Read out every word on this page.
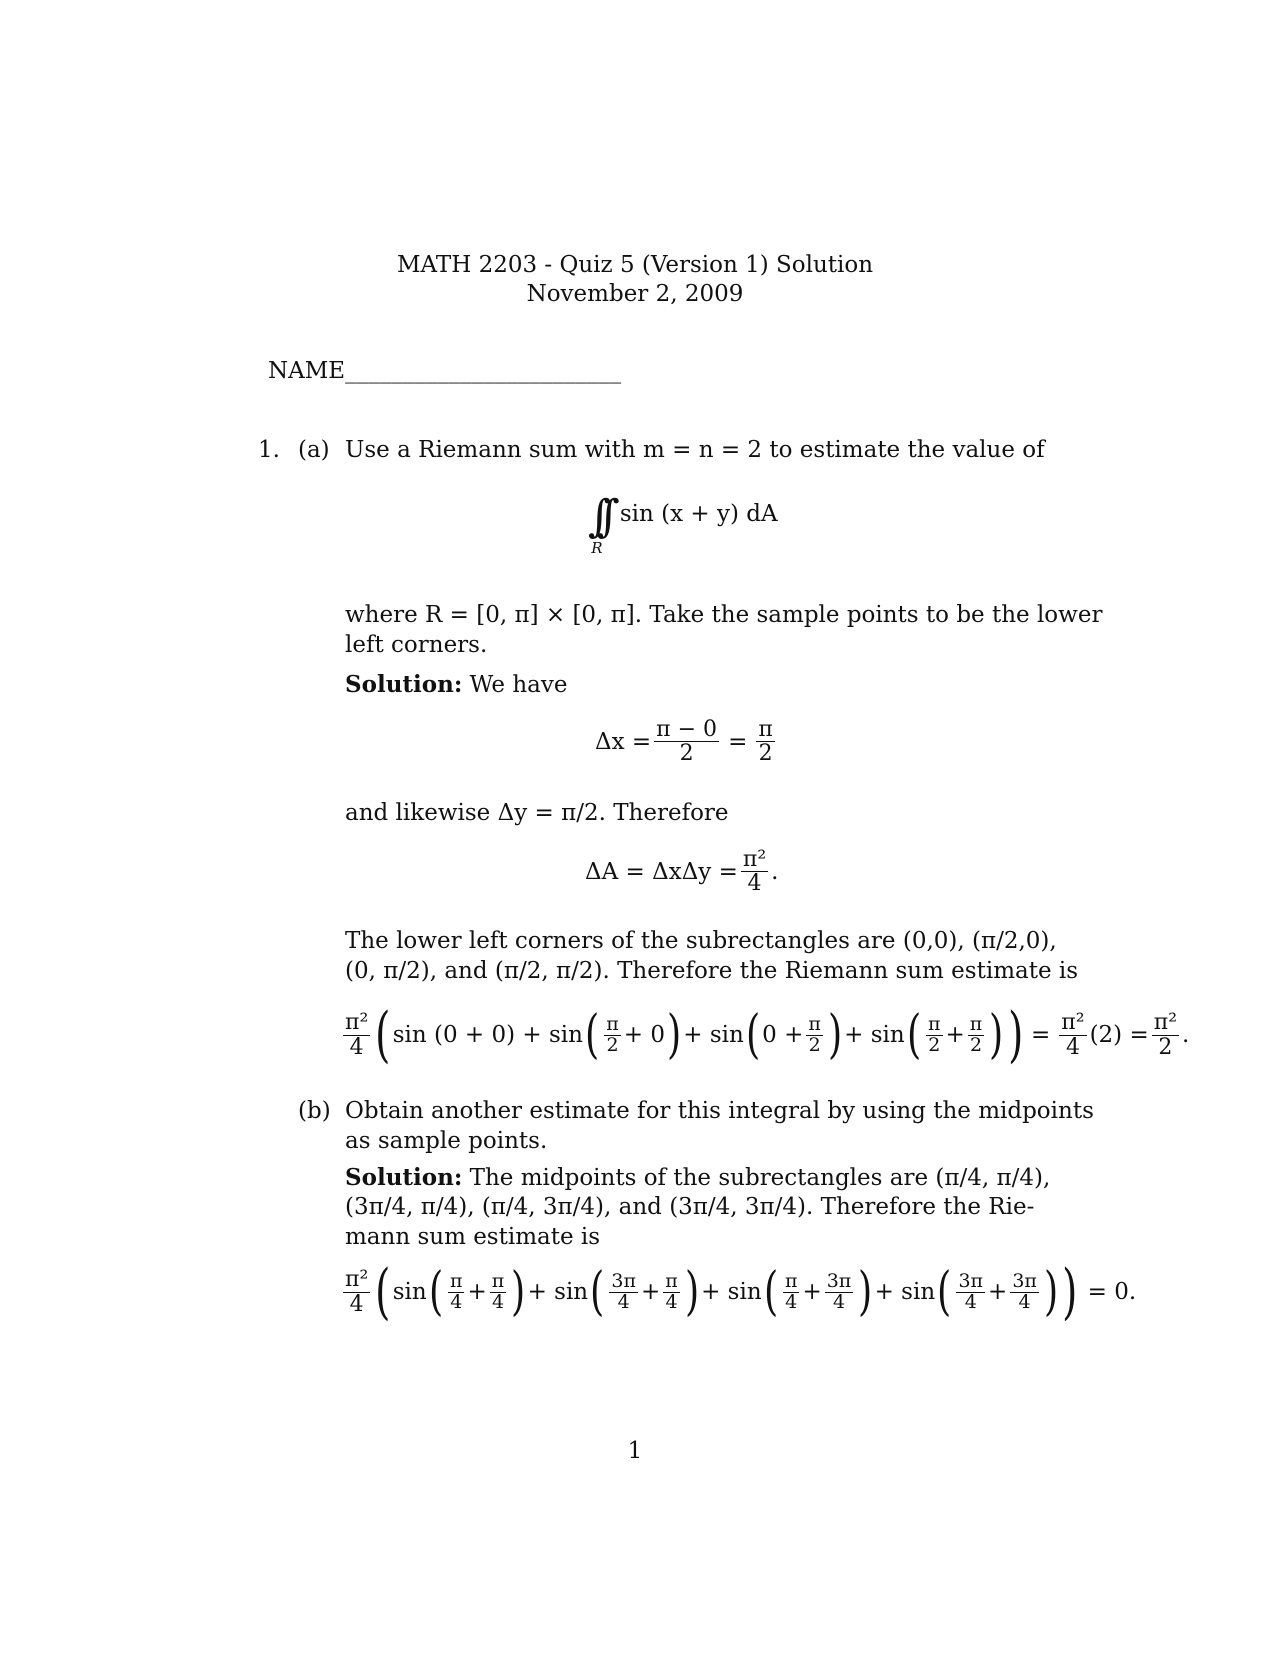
MATH 2203 - Quiz 5 (Version 1) Solution
November 2, 2009
NAME________________________
1. (a) Use a Riemann sum with m = n = 2 to estimate the value of
∫∫
R
sin (x + y) dA
where R = [0, π] × [0, π]. Take the sample points to be the lower
left corners.
Solution: We have
$\Delta x = \frac{\pi - 0}{2} = \frac{\pi}{2}$
and likewise Δy = π/2. Therefore
$\Delta A = \Delta x\Delta y = \frac{\text{π²}}{4}$ .
The lower left corners of the subrectangles are (0,0), (π/2,0),
(0, π/2), and (π/2, π/2). Therefore the Riemann sum estimate is
$\frac{\text{π²}}{4}$ ( sin (0 + 0) + sin ( $\frac{\pi}{2} + 0$ ) + sin ( $0 + \frac{\pi}{2}$ ) + sin ( $\frac{\pi}{2} + \frac{\pi}{2}$ ) ) = $\frac{\text{π²}}{4} (2) = \frac{\text{π²}}{2}$ .
(b) Obtain another estimate for this integral by using the midpoints
as sample points.
Solution: The midpoints of the subrectangles are (π/4, π/4),
(3π/4, π/4), (π/4, 3π/4), and (3π/4, 3π/4). Therefore the Rie-
mann sum estimate is
$\frac{\text{π²}}{4}$ ( sin ( $\frac{\pi}{4} + \frac{\pi}{4}$ ) + sin ( $\frac{3\pi}{4} + \frac{\pi}{4}$ ) + sin ( $\frac{\pi}{4} + \frac{3\pi}{4}$ ) + sin ( $\frac{3\pi}{4} + \frac{3\pi}{4}$ ) ) = 0.
1
